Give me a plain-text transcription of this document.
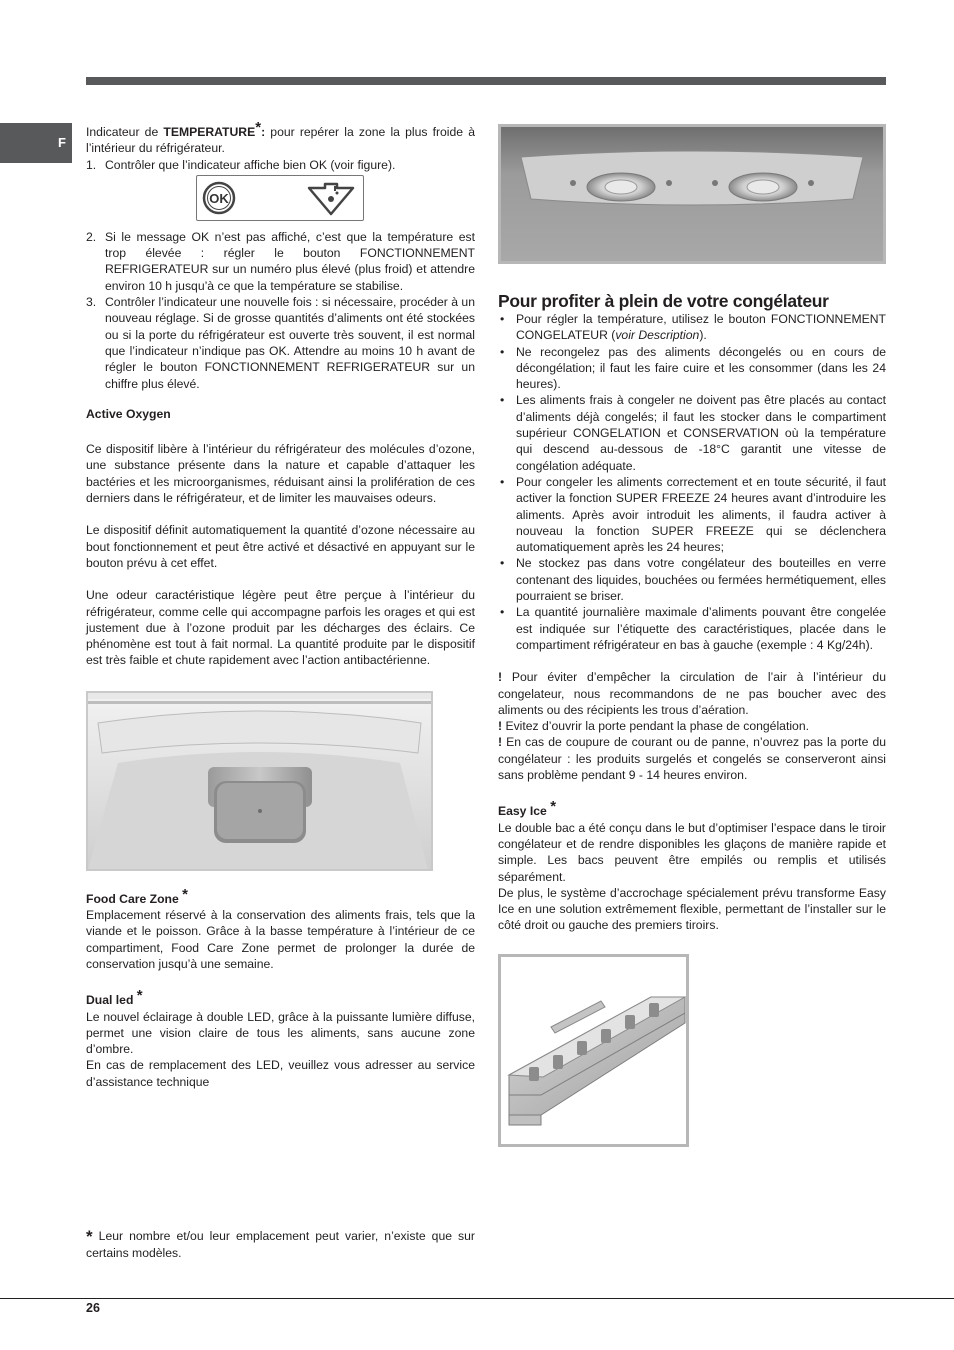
F

Indicateur de TEMPERATURE*: pour repérer la zone la plus froide à l’intérieur du réfrigérateur.

1. Contrôler que l’indicateur affiche bien OK (voir figure).
OK
2. Si le message OK n’est pas affiché, c’est que la température est trop élevée : régler le bouton FONCTIONNEMENT REFRIGERATEUR sur un numéro plus élevé (plus froid) et attendre environ 10 h jusqu’à ce que la température se stabilise.
3. Contrôler l’indicateur une nouvelle fois : si nécessaire, procéder à un nouveau réglage. Si de grosse quantités d’aliments ont été stockées ou si la porte du réfrigérateur est ouverte très souvent, il est normal que l’indicateur n’indique pas OK. Attendre au moins 10 h avant de régler le bouton FONCTIONNEMENT REFRIGERATEUR sur un chiffre plus élevé.

Active Oxygen

Ce dispositif libère à l’intérieur du réfrigérateur des molécules d’ozone, une substance présente dans la nature et capable d’attaquer les bactéries et les microorganismes, réduisant ainsi la prolifération de ces derniers dans le réfrigérateur, et de limiter les mauvaises odeurs.

Le dispositif définit automatiquement la quantité d’ozone nécessaire au bout fonctionnement et peut être activé et désactivé en appuyant sur le bouton prévu à cet effet.

Une odeur caractéristique légère peut être perçue à l’intérieur du réfrigérateur, comme celle qui accompagne parfois les orages et qui est justement due à l’ozone produit par les décharges des éclairs. Ce phénomène est tout à fait normal. La quantité produite par le dispositif est très faible et chute rapidement avec l’action antibactérienne.

Food Care Zone *

Emplacement réservé à la conservation des aliments frais, tels que la viande et le poisson. Grâce à la basse température à l’intérieur de ce compartiment, Food Care Zone permet de prolonger la durée de conservation jusqu’à une semaine.

Dual led *

Le nouvel éclairage à double LED, grâce à la puissante lumière diffuse, permet une vision claire de tous les aliments, sans aucune zone d’ombre.

En cas de remplacement des LED, veuillez vous adresser au service d’assistance technique

* Leur nombre et/ou leur emplacement peut varier, n’existe que sur certains modèles.

Pour profiter à plein de votre congélateur

• Pour régler la température, utilisez le bouton FONCTIONNEMENT CONGELATEUR (voir Description).
• Ne recongelez pas des aliments décongelés ou en cours de décongélation; il faut les faire cuire et les consommer (dans les 24 heures).
• Les aliments frais à congeler ne doivent pas être placés au contact d’aliments déjà congelés; il faut les stocker dans le compartiment supérieur CONGELATION et CONSERVATION où la température qui descend au-dessous de -18°C garantit une vitesse de congélation adéquate.
• Pour congeler les aliments correctement et en toute sécurité, il faut activer la fonction SUPER FREEZE 24 heures avant d’introduire les aliments. Après avoir introduit les aliments, il faudra activer à nouveau la fonction SUPER FREEZE qui se déclenchera automatiquement après les 24 heures;
• Ne stockez pas dans votre congélateur des bouteilles en verre contenant des liquides, bouchées ou fermées hermétiquement, elles pourraient se briser.
• La quantité journalière maximale d’aliments pouvant être congelée est indiquée sur l’étiquette des caractéristiques, placée dans le compartiment réfrigérateur en bas à gauche (exemple : 4 Kg/24h).

! Pour éviter d’empêcher la circulation de l’air à l’intérieur du congelateur, nous recommandons de ne pas boucher avec des aliments ou des récipients les trous d’aération.

! Evitez d’ouvrir la porte pendant la phase de congélation.

! En cas de coupure de courant ou de panne, n’ouvrez pas la porte du congélateur : les produits surgelés et congelés se conserveront ainsi sans problème pendant 9 - 14 heures environ.

Easy Ice *

Le double bac a été conçu dans le but d’optimiser l’espace dans le tiroir congélateur et de rendre disponibles les glaçons de manière rapide et simple. Les bacs peuvent être empilés ou remplis et utilisés séparément.

De plus, le système d’accrochage spécialement prévu transforme Easy Ice en une solution extrêmement flexible, permettant de l’installer sur le côté droit ou gauche des premiers tiroirs.

26
